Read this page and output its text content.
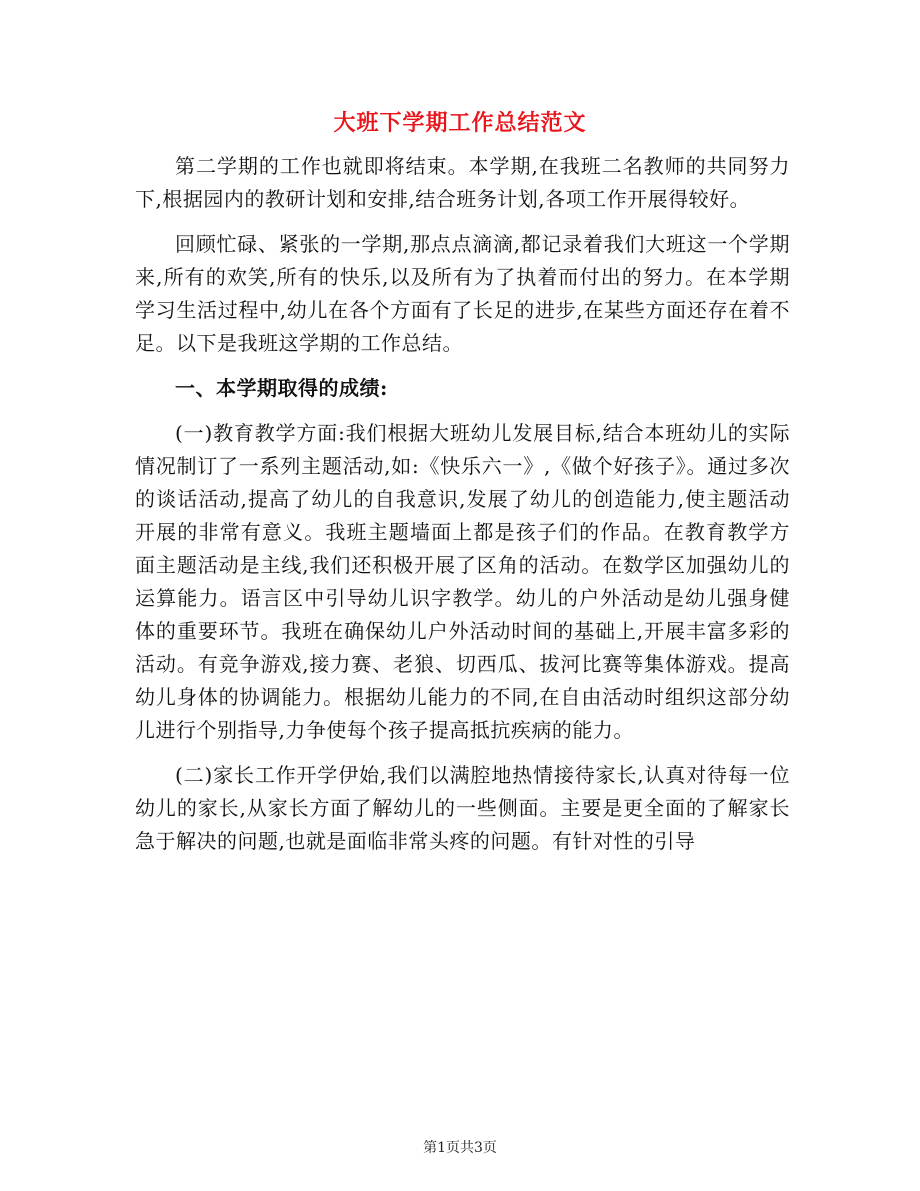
大班下学期工作总结范文

第二学期的工作也就即将结束。本学期,在我班二名教师的共同努力下,根据园内的教研计划和安排,结合班务计划,各项工作开展得较好。

回顾忙碌、紧张的一学期,那点点滴滴,都记录着我们大班这一个学期来,所有的欢笑,所有的快乐,以及所有为了执着而付出的努力。在本学期学习生活过程中,幼儿在各个方面有了长足的进步,在某些方面还存在着不足。以下是我班这学期的工作总结。

一、本学期取得的成绩:

(一)教育教学方面:我们根据大班幼儿发展目标,结合本班幼儿的实际情况制订了一系列主题活动,如:《快乐六一》,《做个好孩子》。通过多次的谈话活动,提高了幼儿的自我意识,发展了幼儿的创造能力,使主题活动开展的非常有意义。我班主题墙面上都是孩子们的作品。在教育教学方面主题活动是主线,我们还积极开展了区角的活动。在数学区加强幼儿的运算能力。语言区中引导幼儿识字教学。幼儿的户外活动是幼儿强身健体的重要环节。我班在确保幼儿户外活动时间的基础上,开展丰富多彩的活动。有竞争游戏,接力赛、老狼、切西瓜、拔河比赛等集体游戏。提高幼儿身体的协调能力。根据幼儿能力的不同,在自由活动时组织这部分幼儿进行个别指导,力争使每个孩子提高抵抗疾病的能力。

(二)家长工作开学伊始,我们以满腔地热情接待家长,认真对待每一位幼儿的家长,从家长方面了解幼儿的一些侧面。主要是更全面的了解家长急于解决的问题,也就是面临非常头疼的问题。有针对性的引导

第1页共3页
